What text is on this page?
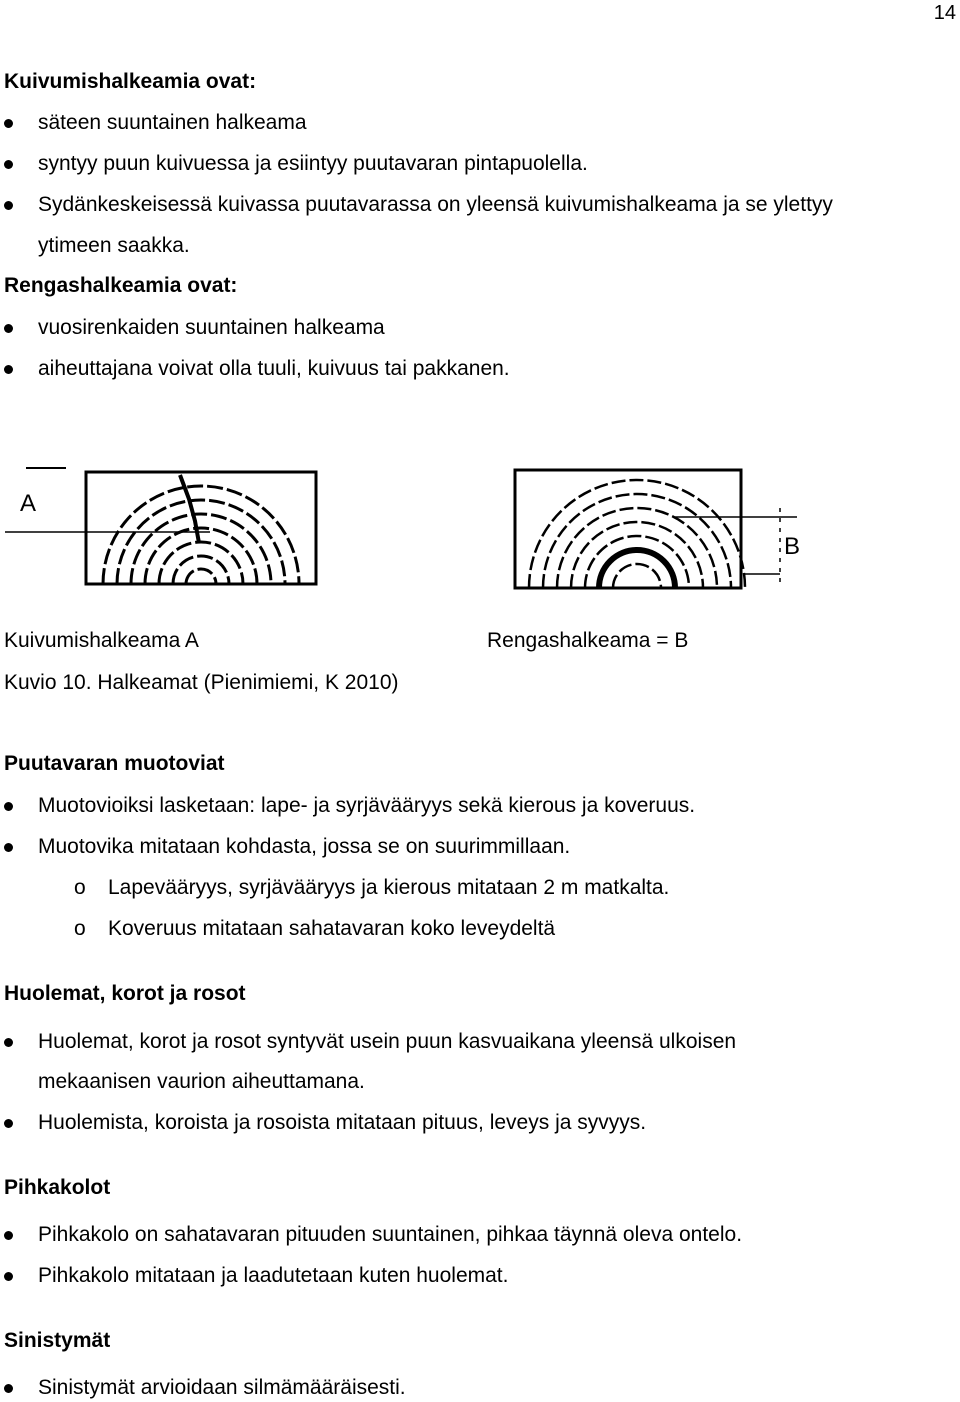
14
Kuivumishalkeamia ovat:
säteen suuntainen halkeama
syntyy puun kuivuessa ja esiintyy puutavaran pintapuolella.
Sydänkeskeisessä kuivassa puutavarassa on yleensä kuivumishalkeama ja se ylettyy
ytimeen saakka.
Rengashalkeamia ovat:
vuosirenkaiden suuntainen halkeama
aiheuttajana voivat olla tuuli, kuivuus tai pakkanen.
A
B
Kuivumishalkeama A	Rengashalkeama = B
Kuvio 10. Halkeamat (Pienimiemi, K 2010)
Puutavaran muotoviat
Muotovioiksi lasketaan: lape- ja syrjävääryys sekä kierous ja koveruus.
Muotovika mitataan kohdasta, jossa se on suurimmillaan.
o Lapevääryys, syrjävääryys ja kierous mitataan 2 m matkalta.
o Koveruus mitataan sahatavaran koko leveydeltä
Huolemat, korot ja rosot
Huolemat, korot ja rosot syntyvät usein puun kasvuaikana yleensä ulkoisen
mekaanisen vaurion aiheuttamana.
Huolemista, koroista ja rosoista mitataan pituus, leveys ja syvyys.
Pihkakolot
Pihkakolo on sahatavaran pituuden suuntainen, pihkaa täynnä oleva ontelo.
Pihkakolo mitataan ja laadutetaan kuten huolemat.
Sinistymät
Sinistymät arvioidaan silmämääräisesti.
